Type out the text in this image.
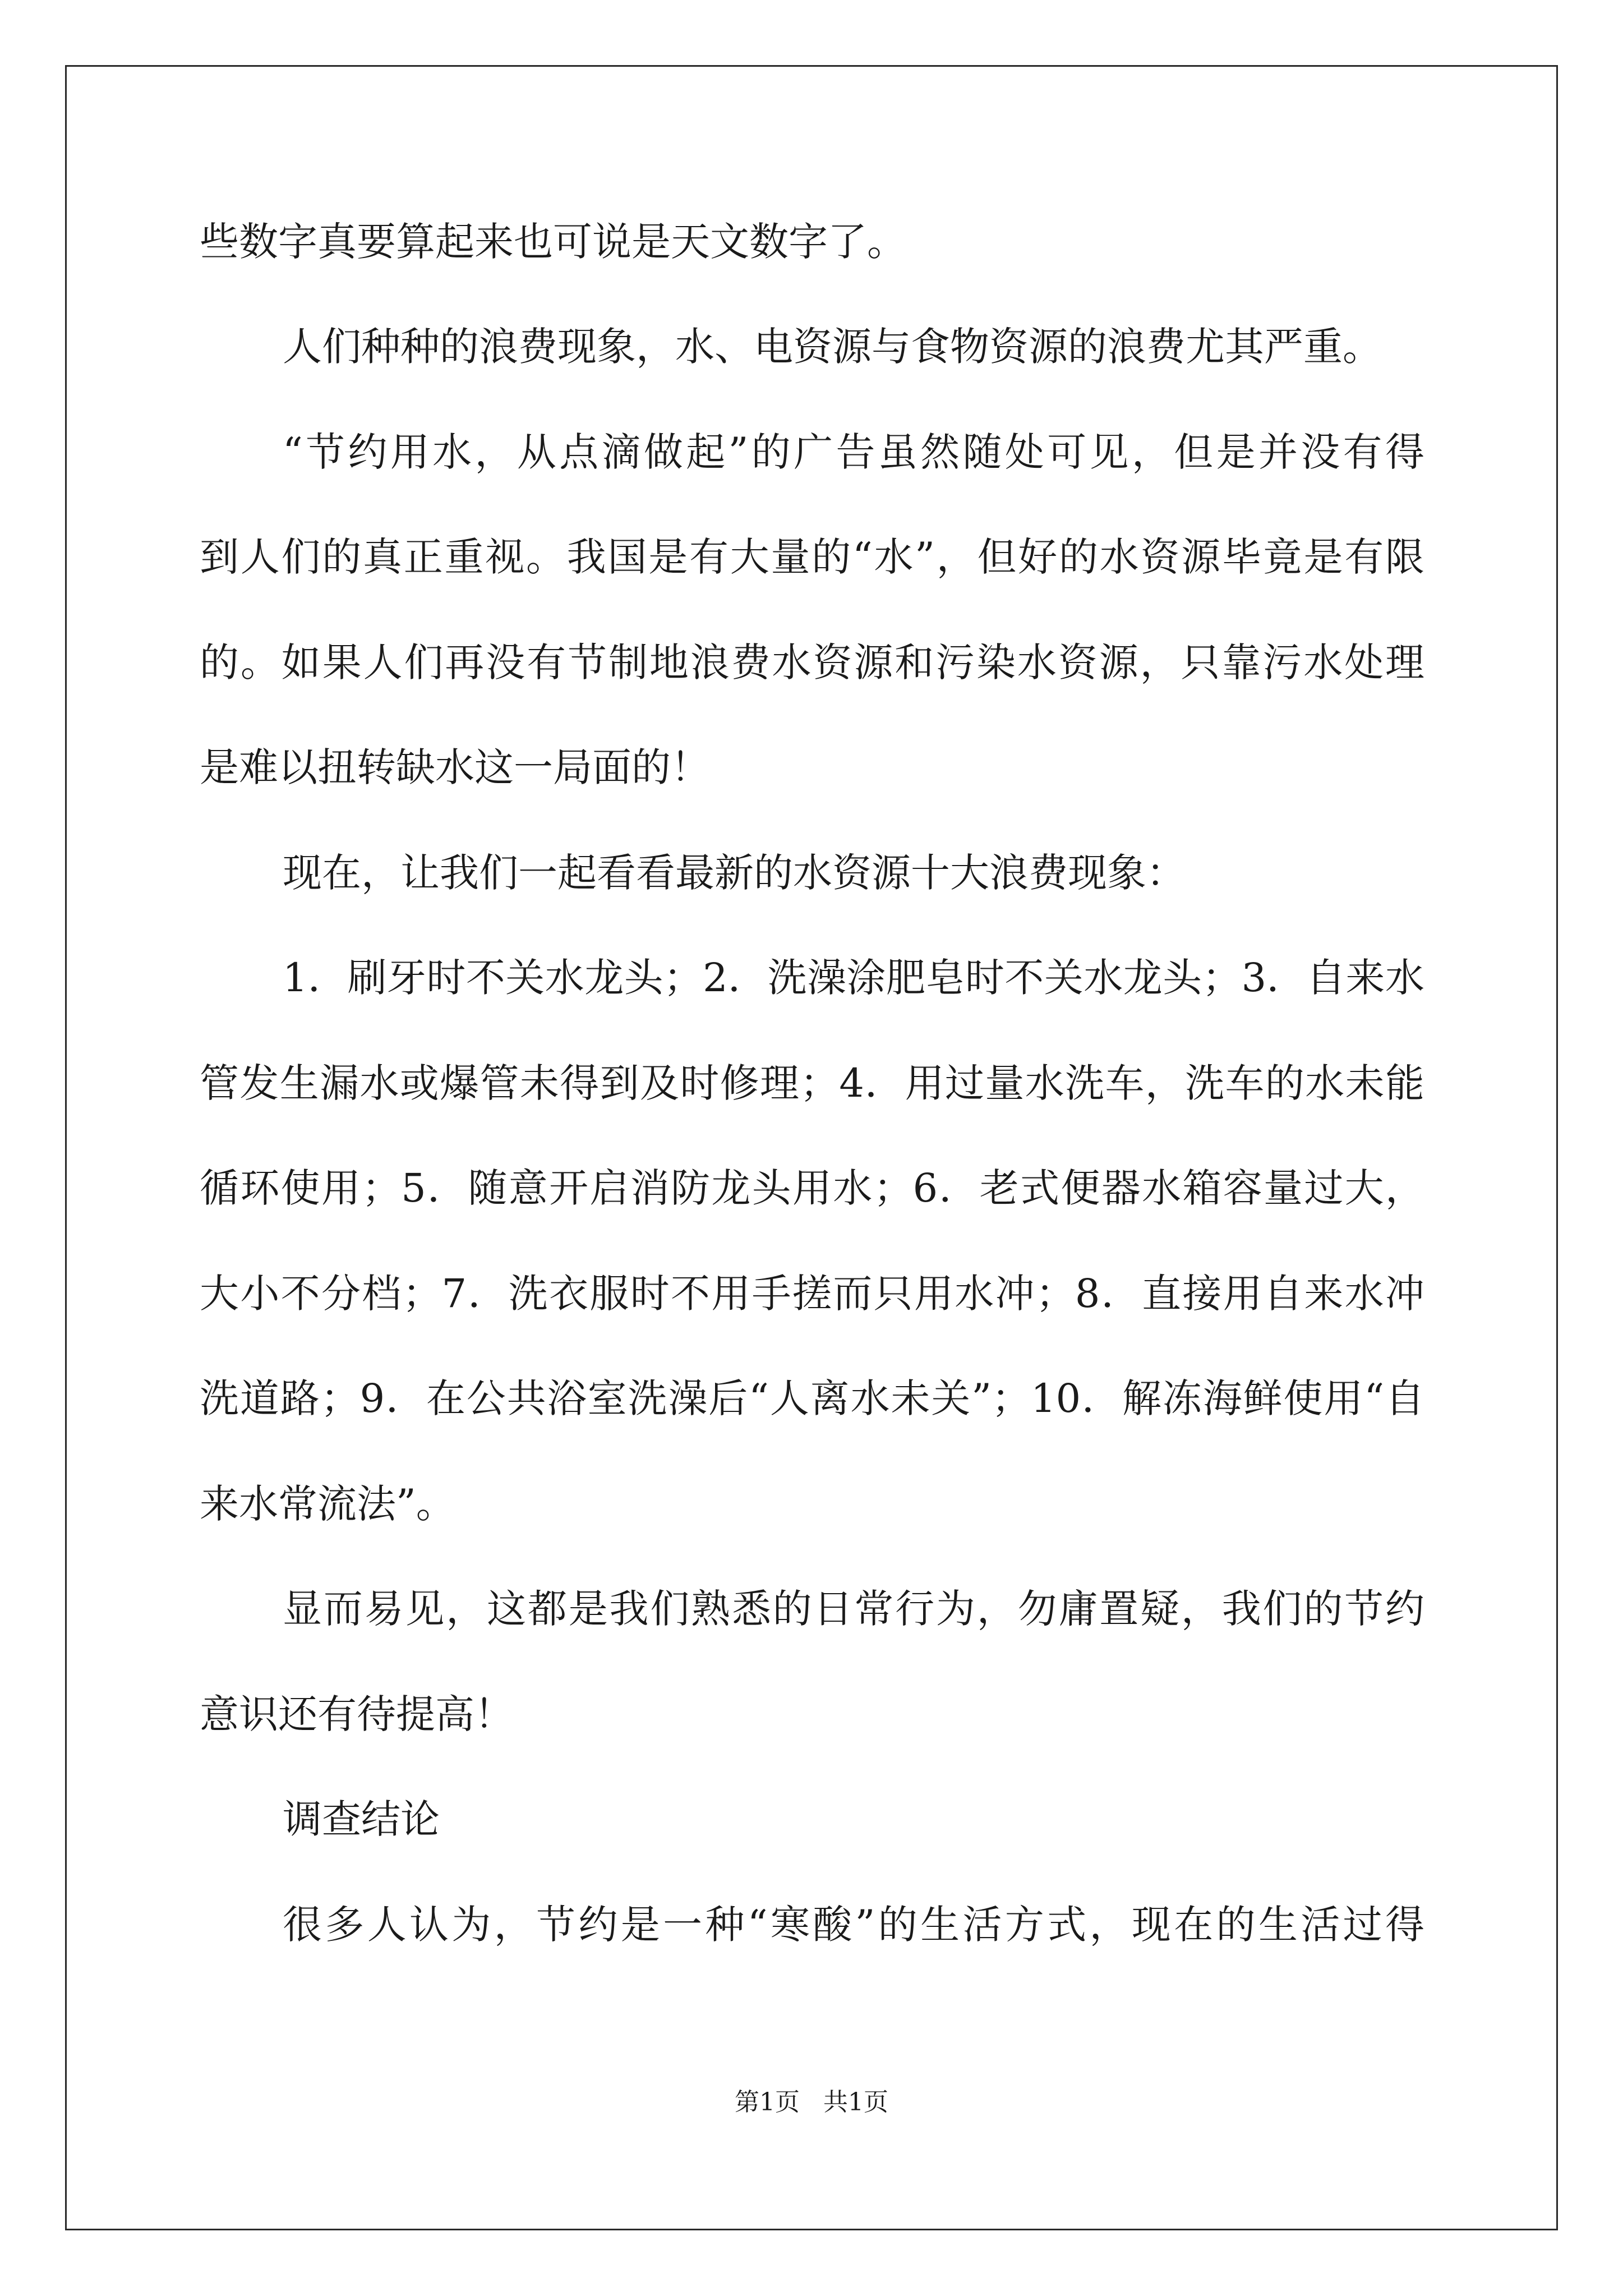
些数字真要算起来也可说是天文数字了。
人们种种的浪费现象，水、电资源与食物资源的浪费尤其严重。
“节约用水，从点滴做起”的广告虽然随处可见，但是并没有得
到人们的真正重视。我国是有大量的“水”，但好的水资源毕竟是有限
的。如果人们再没有节制地浪费水资源和污染水资源，只靠污水处理
是难以扭转缺水这一局面的！
现在，让我们一起看看最新的水资源十大浪费现象：
1．刷牙时不关水龙头；2．洗澡涂肥皂时不关水龙头；3．自来水
管发生漏水或爆管未得到及时修理；4．用过量水洗车，洗车的水未能
循环使用；5．随意开启消防龙头用水；6．老式便器水箱容量过大，
大小不分档；7．洗衣服时不用手搓而只用水冲；8．直接用自来水冲
洗道路；9．在公共浴室洗澡后“人离水未关”；10．解冻海鲜使用“自
来水常流法”。
显而易见，这都是我们熟悉的日常行为，勿庸置疑，我们的节约
意识还有待提高！
调查结论
很多人认为，节约是一种“寒酸”的生活方式，现在的生活过得
第1页   共1页
